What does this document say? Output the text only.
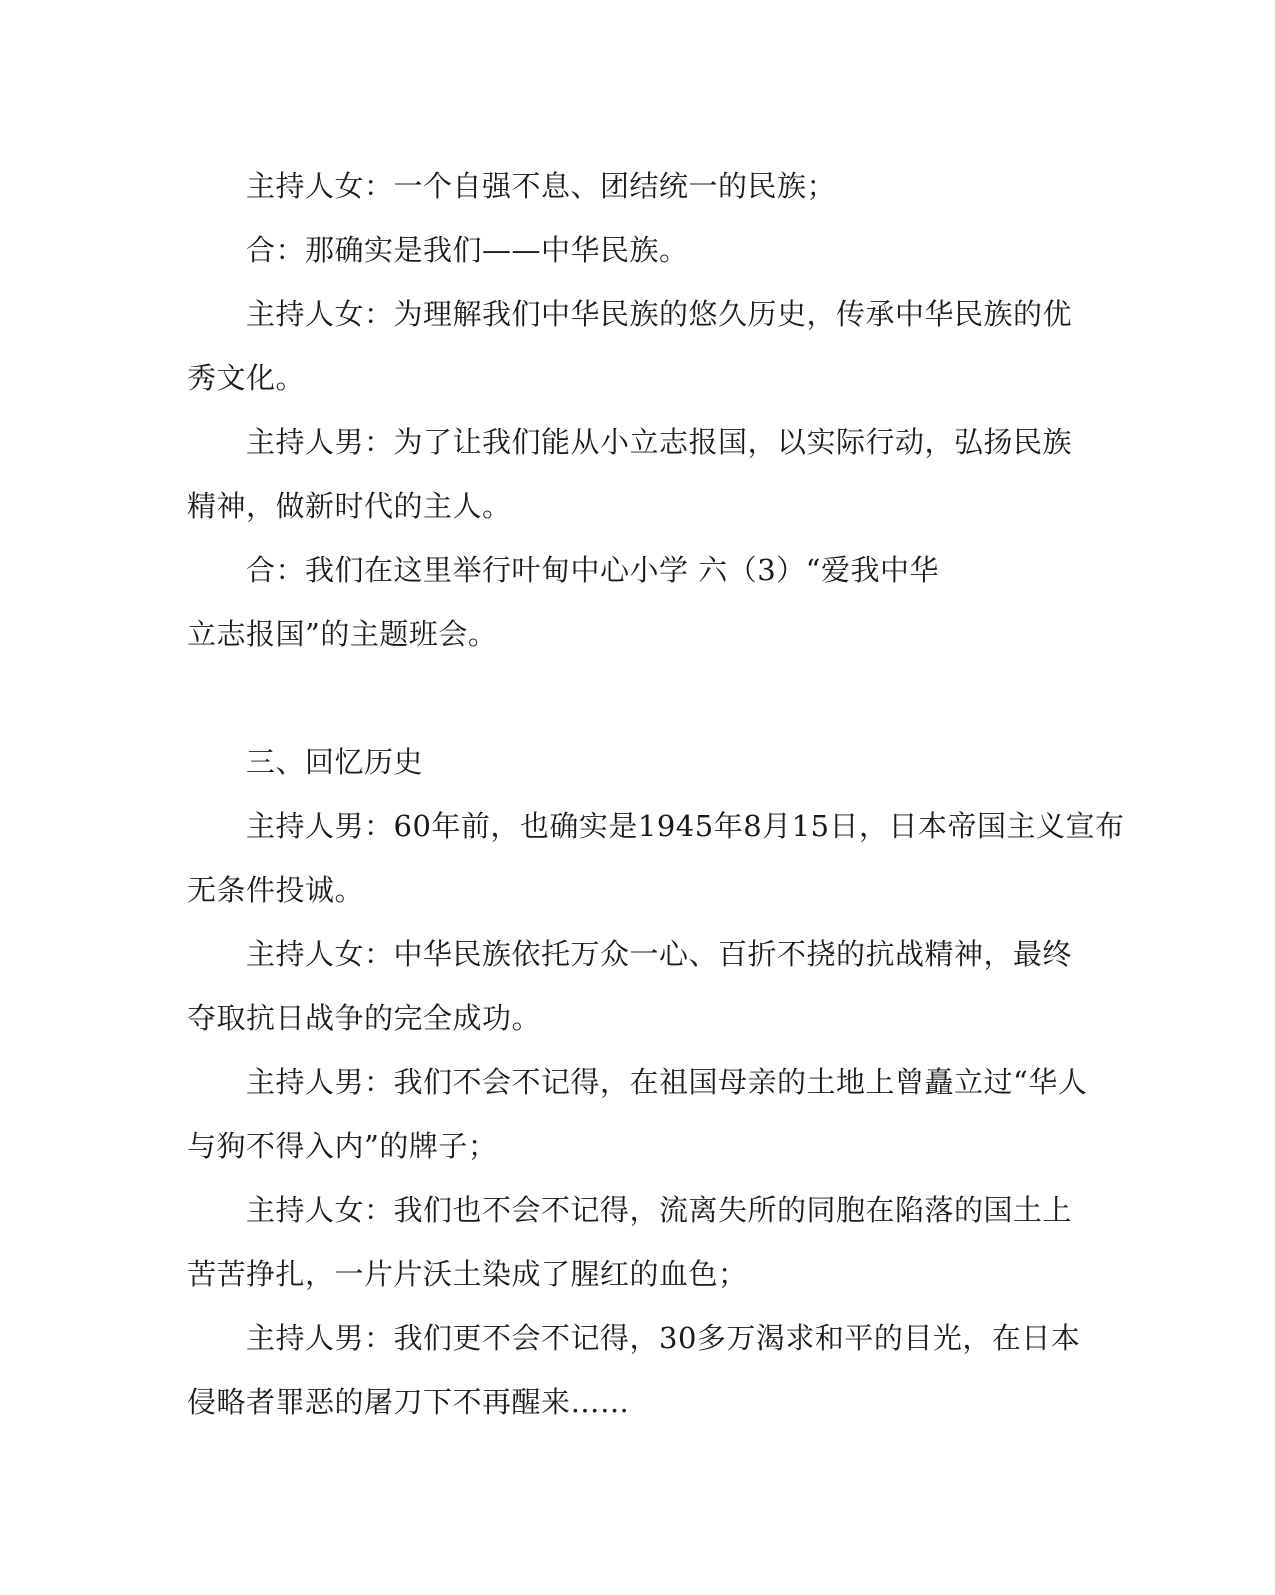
主持人女：一个自强不息、团结统一的民族；
合：那确实是我们——中华民族。
主持人女：为理解我们中华民族的悠久历史，传承中华民族的优
秀文化。
主持人男：为了让我们能从小立志报国，以实际行动，弘扬民族
精神，做新时代的主人。
合：我们在这里举行叶甸中心小学 六（3）“爱我中华
立志报国”的主题班会。
三、回忆历史
主持人男：60年前，也确实是1945年8月15日，日本帝国主义宣布
无条件投诚。
主持人女：中华民族依托万众一心、百折不挠的抗战精神，最终
夺取抗日战争的完全成功。
主持人男：我们不会不记得，在祖国母亲的土地上曾矗立过“华人
与狗不得入内”的牌子；
主持人女：我们也不会不记得，流离失所的同胞在陷落的国土上
苦苦挣扎，一片片沃土染成了腥红的血色；
主持人男：我们更不会不记得，30多万渴求和平的目光，在日本
侵略者罪恶的屠刀下不再醒来……
